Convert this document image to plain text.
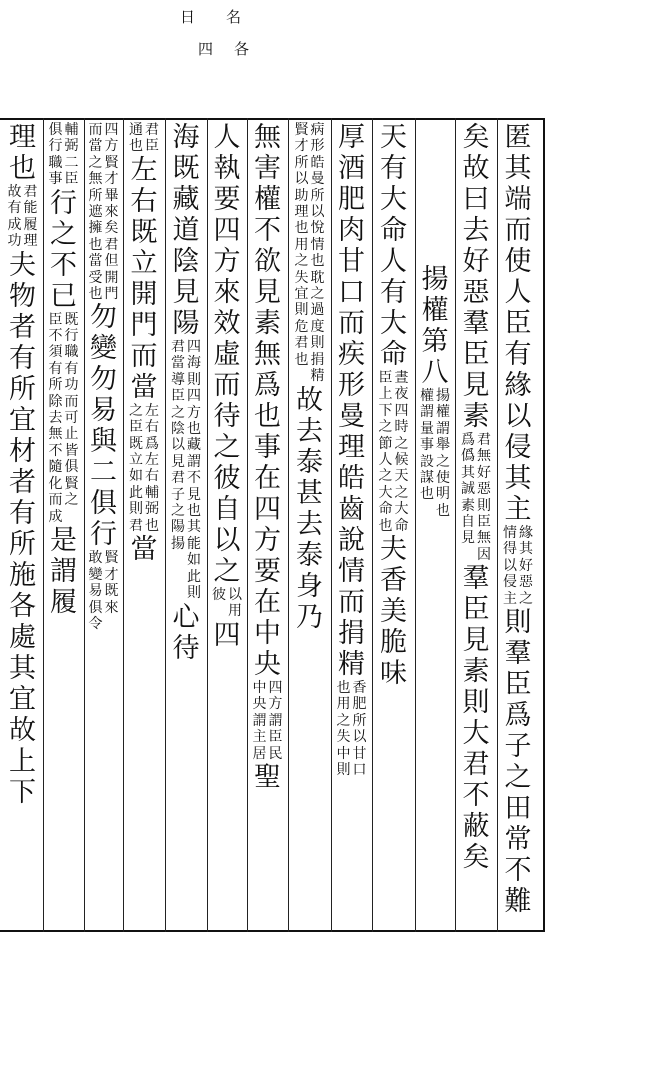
日 名
四 各
匿其端而使人臣有緣以侵其主
緣其好惡之
情得以侵主
則羣臣爲子之田常不難
矣故曰去好惡羣臣見素
君無好惡則臣無因
爲僞其誠素自見
羣臣見素則大君不蔽矣
揚權第八
揚權謂舉之使明也
權謂量事設謀也
天有大命人有大命
晝夜四時之候天之大命
臣上下之節人之大命也
夫香美脆味
厚酒肥肉甘口而疾形曼理皓齒說情而捐精
香肥所以甘口
也用之失中則
病形皓曼所以悅情也耽之過度則捐精
賢才所以助理也用之失宜則危君也
故去泰甚去泰身乃
無害權不欲見素無爲也事在四方要在中央
四方謂臣民
中央謂主居
聖
人執要四方來效虛而待之彼自以之
以用
彼
四
海既藏道陰見陽
四海則四方也藏謂不見也其能如此則
君當導臣之陰以見君子之陽揚
心待
君臣
通也
左右既立開門而當
左右爲左右輔弼也
之臣既立如此則君
當
四方賢才畢來矣君但開門
而當之無所遮擁也當受也
勿變勿易與二俱行
賢才既來
敢變易俱令
輔弼二臣
俱行職事
行之不已
既行職
臣不須
有功而可止皆俱賢之
有所除去無不隨化而成
是謂履
理也
君能
故有
履理
成功
夫物者有所宜材者有所施各處其宜故上下
